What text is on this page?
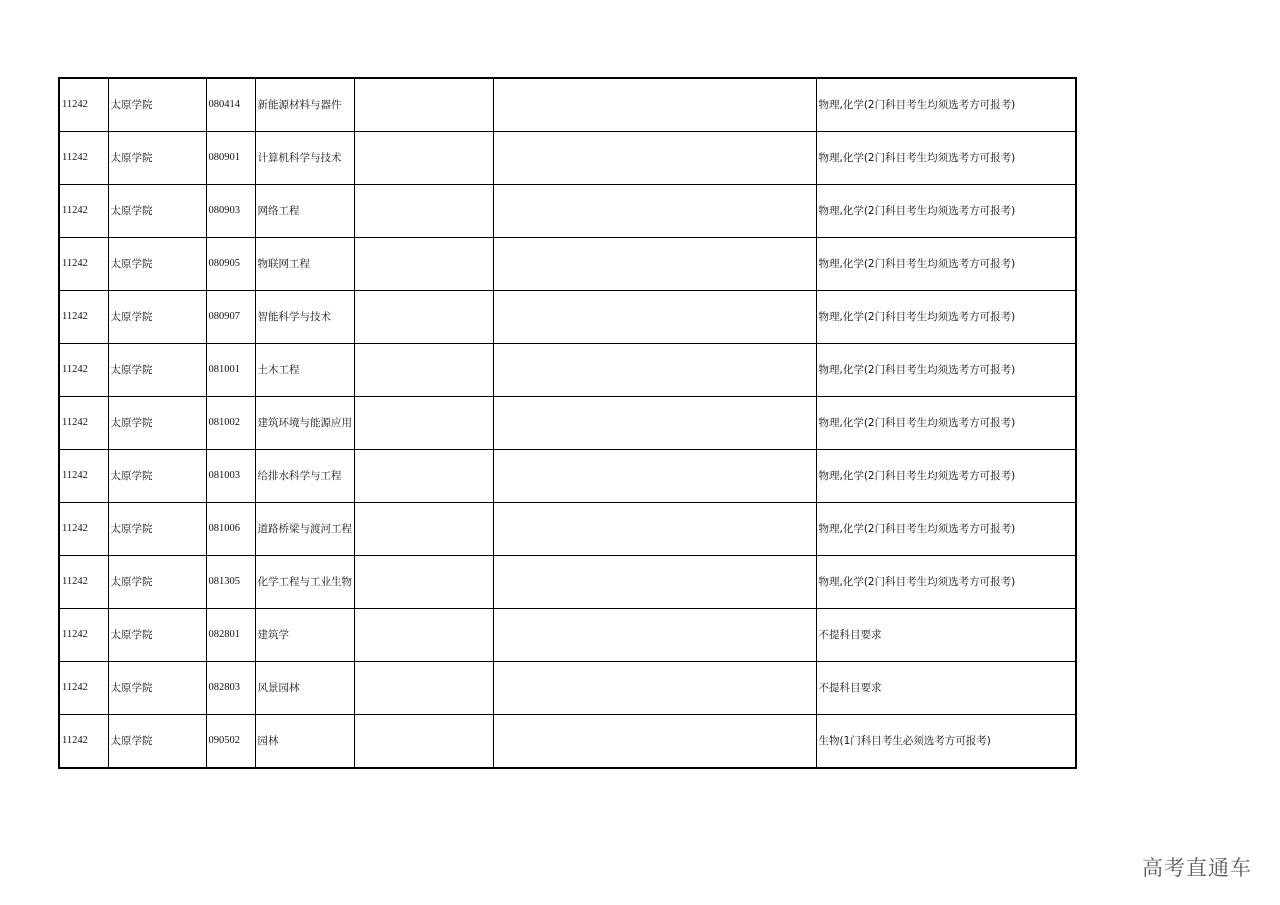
11242	太原学院	080414	新能源材料与器件			物理,化学(2门科目考生均须选考方可报考)
11242	太原学院	080901	计算机科学与技术			物理,化学(2门科目考生均须选考方可报考)
11242	太原学院	080903	网络工程			物理,化学(2门科目考生均须选考方可报考)
11242	太原学院	080905	物联网工程			物理,化学(2门科目考生均须选考方可报考)
11242	太原学院	080907	智能科学与技术			物理,化学(2门科目考生均须选考方可报考)
11242	太原学院	081001	土木工程			物理,化学(2门科目考生均须选考方可报考)
11242	太原学院	081002	建筑环境与能源应用			物理,化学(2门科目考生均须选考方可报考)
11242	太原学院	081003	给排水科学与工程			物理,化学(2门科目考生均须选考方可报考)
11242	太原学院	081006	道路桥梁与渡河工程			物理,化学(2门科目考生均须选考方可报考)
11242	太原学院	081305	化学工程与工业生物			物理,化学(2门科目考生均须选考方可报考)
11242	太原学院	082801	建筑学			不提科目要求
11242	太原学院	082803	风景园林			不提科目要求
11242	太原学院	090502	园林			生物(1门科目考生必须选考方可报考)
高考直通车
